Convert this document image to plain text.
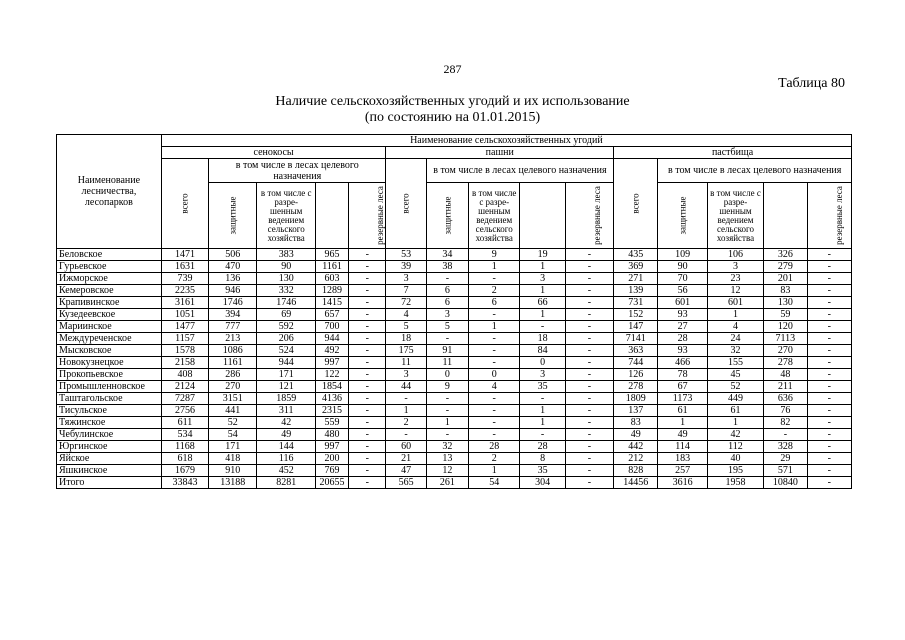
287
Таблица 80
Наличие сельскохозяйственных угодий и их использование
(по состоянию на 01.01.2015)
Наименование лесничества, лесопарков	Наименование сельскохозяйственных угодий														
	сенокосы					пашни					пастбища				
	всего	в том числе в лесах целевого назначения				всего	в том числе в лесах целевого назначения				всего	в том числе в лесах целевого назначения			
		защитные	в том числе с разре-шенным ведением сельского хозяйства		резервные леса		защитные	в том числе с разре-шенным ведением сельского хозяйства		резервные леса		защитные	в том числе с разре-шенным ведением сельского хозяйства		резервные леса
Беловское	1471	506	383	965	-	53	34	9	19	-	435	109	106	326	-
Гурьевское	1631	470	90	1161	-	39	38	1	1	-	369	90	3	279	-
Ижморское	739	136	130	603	-	3	-	-	3	-	271	70	23	201	-
Кемеровское	2235	946	332	1289	-	7	6	2	1	-	139	56	12	83	-
Крапивинское	3161	1746	1746	1415	-	72	6	6	66	-	731	601	601	130	-
Кузедеевское	1051	394	69	657	-	4	3	-	1	-	152	93	1	59	-
Мариинское	1477	777	592	700	-	5	5	1	-	-	147	27	4	120	-
Междуреченское	1157	213	206	944	-	18	-	-	18	-	7141	28	24	7113	-
Мысковское	1578	1086	524	492	-	175	91	-	84	-	363	93	32	270	-
Новокузнецкое	2158	1161	944	997	-	11	11	-	0	-	744	466	155	278	-
Прокопьевское	408	286	171	122	-	3	0	0	3	-	126	78	45	48	-
Промышленновское	2124	270	121	1854	-	44	9	4	35	-	278	67	52	211	-
Таштагольское	7287	3151	1859	4136	-	-	-	-	-	-	1809	1173	449	636	-
Тисульское	2756	441	311	2315	-	1	-	-	1	-	137	61	61	76	-
Тяжинское	611	52	42	559	-	2	1	-	1	-	83	1	1	82	-
Чебулинское	534	54	49	480	-	-	-	-	-	-	49	49	42	-	-
Юргинское	1168	171	144	997	-	60	32	28	28	-	442	114	112	328	-
Яйское	618	418	116	200	-	21	13	2	8	-	212	183	40	29	-
Яшкинское	1679	910	452	769	-	47	12	1	35	-	828	257	195	571	-
Итого	33843	13188	8281	20655	-	565	261	54	304	-	14456	3616	1958	10840	-
